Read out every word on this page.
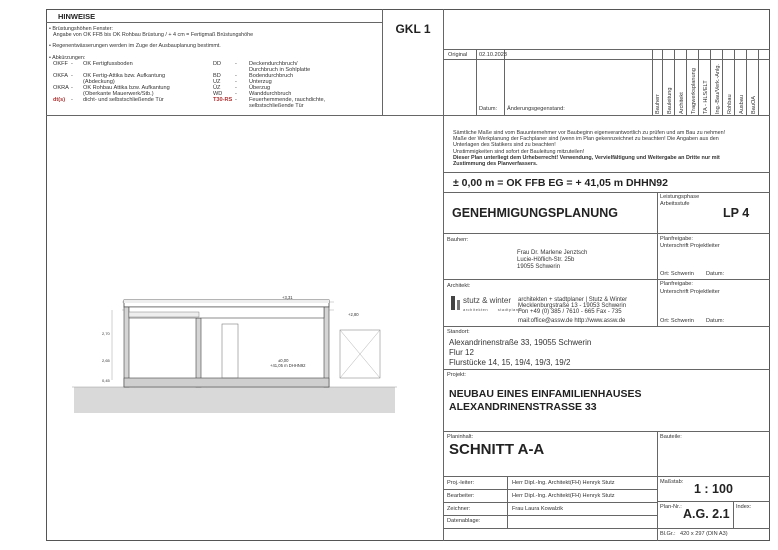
HINWEISE
• Brüstungshöhen Fenster:
Angabe von OK FFB bis OK Rohbau Brüstung / + 4 cm = Fertigmaß Brüstungshöhe
• Regenentwässerungen werden im Zuge der Ausbauplanung bestimmt.
• Abkürzungen:
OKFF - OK Fertigfussboden
OKFA - OK Fertig-Attika bzw. Aufkantung
(Abdeckung)
OKRA - OK Rohbau Attika bzw. Aufkantung
(Oberkante Mauerwerk/Stb.)
dt(s) - dicht- und selbstschließende Tür
DD - Deckendurchbruch/
Durchbruch in Sohlplatte
BD	- Bodendurchbruch
UZ	- Unterzug
ÜZ	- Überzug
WD - Wanddurchbruch
T30-RS - Feuerhemmende, rauchdichte,
selbstschließende Tür
GKL 1
Original 02.10.2023
Datum: Änderungsgegenstand:	Bauherr Bauleitung Architekt Tragwerksplanung TA - HLS/ELT Ing.-Bau/Verk.-Anlg. Rohbau Ausbau BauOA
Sämtliche Maße sind vom Bauunternehmer vor Baubeginn eigenverantwortlich zu prüfen und am Bau zu nehmen!
Maße der Werkplanung der Fachplaner sind (wenn im Plan gekennzeichnet zu beachten! Die Angaben aus den
Unterlagen des Statikers sind zu beachten!
Unstimmigkeiten sind sofort der Bauleitung mitzuteilen!
Dieser Plan unterliegt dem Urheberrecht! Verwendung, Vervielfältigung und Weitergabe an Dritte nur mit
Zustimmung des Planverfassers.
± 0,00 m = OK FFB EG = + 41,05 m DHHN92
Leistungsphase
Arbeitsstufe
GENEHMIGUNGSPLANUNG	LP 4
Bauherr:
Frau Dr. Marlene Jenztsch
Lucie-Höflich-Str. 25b
19055 Schwerin
Planfreigabe:
Unterschrift Projektleiter
Ort: Schwerin Datum:
Architekt:
stutz & winter
architekten      stadtplaner
architekten + stadtplaner | Stutz & Winter
Mecklenburgstraße 13 - 19053 Schwerin
Fon +49 (0) 385 / 7610 - 665 Fax - 735
mail:office@assw.de http://www.assw.de
Planfreigabe:
Unterschrift Projektleiter
Ort: Schwerin Datum:
Standort:
Alexandrinenstraße 33, 19055 Schwerin
Flur 12
Flurstücke 14, 15, 19/4, 19/3, 19/2
Projekt:
NEUBAU EINES EINFAMILIENHAUSES
ALEXANDRINENSTRASSE 33
Planinhalt:
SCHNITT A-A
Bauteile:
Proj.-leiter:	Herr Dipl.-Ing. Architekt(FH) Henryk Stutz
Bearbeiter:	Herr Dipl.-Ing. Architekt(FH) Henryk Stutz
Zeichner:	Frau Laura Kowalzik
Datenablage:
Maßstab: 1 : 100
Plan-Nr.: A.G. 2.1 Index:
Bl.Gr.: 420 x 297 (DIN A3)
+3,31
+2,80
±0,00
+41,05 m DHHN92
2,70
2,65
0,45
